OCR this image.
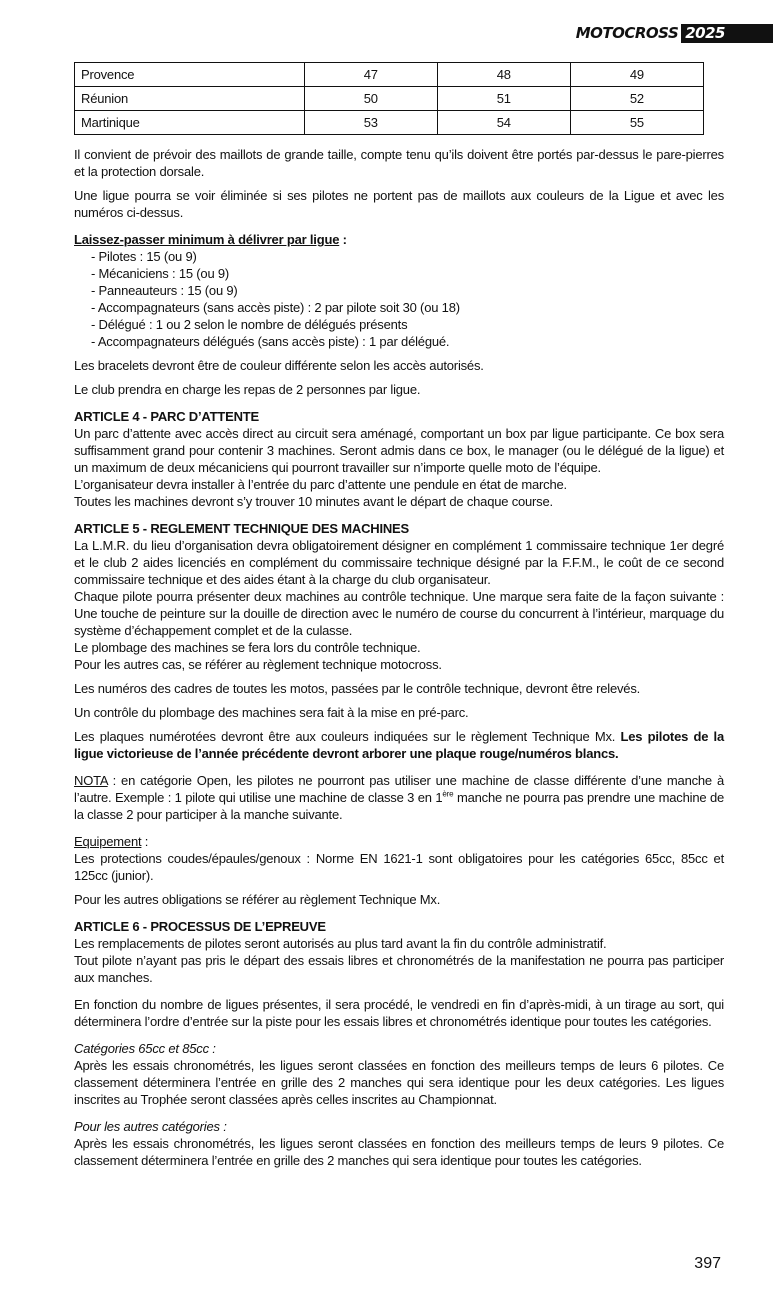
MOTOCROSS 2025
Provence	47	48	49
Réunion	50	51	52
Martinique	53	54	55

Il convient de prévoir des maillots de grande taille, compte tenu qu’ils doivent être portés par-dessus le pare-pierres et la protection dorsale.

Une ligue pourra se voir éliminée si ses pilotes ne portent pas de maillots aux couleurs de la Ligue et avec les numéros ci-dessus.

Laissez-passer minimum à délivrer par ligue :

- Pilotes : 15 (ou 9)
- Mécaniciens : 15 (ou 9)
- Panneauteurs : 15 (ou 9)
- Accompagnateurs (sans accès piste) : 2 par pilote soit 30 (ou 18)
- Délégué : 1 ou 2 selon le nombre de délégués présents
- Accompagnateurs délégués (sans accès piste) : 1 par délégué.

Les bracelets devront être de couleur différente selon les accès autorisés.

Le club prendra en charge les repas de 2 personnes par ligue.

ARTICLE 4 - PARC D’ATTENTE

Un parc d’attente avec accès direct au circuit sera aménagé, comportant un box par ligue participante. Ce box sera suffisamment grand pour contenir 3 machines. Seront admis dans ce box, le manager (ou le délégué de la ligue) et un maximum de deux mécaniciens qui pourront travailler sur n’importe quelle moto de l’équipe.

L’organisateur devra installer à l’entrée du parc d’attente une pendule en état de marche.

Toutes les machines devront s’y trouver 10 minutes avant le départ de chaque course.

ARTICLE 5 - REGLEMENT TECHNIQUE DES MACHINES

La L.M.R. du lieu d’organisation devra obligatoirement désigner en complément 1 commissaire technique 1er degré et le club 2 aides licenciés en complément du commissaire technique désigné par la F.F.M., le coût de ce second commissaire technique et des aides étant à la charge du club organisateur.

Chaque pilote pourra présenter deux machines au contrôle technique. Une marque sera faite de la façon suivante : Une touche de peinture sur la douille de direction avec le numéro de course du concurrent à l’intérieur, marquage du système d’échappement complet et de la culasse.

Le plombage des machines se fera lors du contrôle technique.

Pour les autres cas, se référer au règlement technique motocross.

Les numéros des cadres de toutes les motos, passées par le contrôle technique, devront être relevés.

Un contrôle du plombage des machines sera fait à la mise en pré-parc.

Les plaques numérotées devront être aux couleurs indiquées sur le règlement Technique Mx. Les pilotes de la ligue victorieuse de l’année précédente devront arborer une plaque rouge/numéros blancs.

NOTA : en catégorie Open, les pilotes ne pourront pas utiliser une machine de classe différente d’une manche à l’autre. Exemple : 1 pilote qui utilise une machine de classe 3 en 1ère manche ne pourra pas prendre une machine de la classe 2 pour participer à la manche suivante.

Equipement :

Les protections coudes/épaules/genoux : Norme EN 1621-1 sont obligatoires pour les catégories 65cc, 85cc et 125cc (junior).

Pour les autres obligations se référer au règlement Technique Mx.

ARTICLE 6 - PROCESSUS DE L’EPREUVE

Les remplacements de pilotes seront autorisés au plus tard avant la fin du contrôle administratif.

Tout pilote n’ayant pas pris le départ des essais libres et chronométrés de la manifestation ne pourra pas participer aux manches.

En fonction du nombre de ligues présentes, il sera procédé, le vendredi en fin d’après-midi, à un tirage au sort, qui déterminera l’ordre d’entrée sur la piste pour les essais libres et chronométrés identique pour toutes les catégories.

Catégories 65cc et 85cc :

Après les essais chronométrés, les ligues seront classées en fonction des meilleurs temps de leurs 6 pilotes. Ce classement déterminera l’entrée en grille des 2 manches qui sera identique pour les deux catégories. Les ligues inscrites au Trophée seront classées après celles inscrites au Championnat.

Pour les autres catégories :

Après les essais chronométrés, les ligues seront classées en fonction des meilleurs temps de leurs 9 pilotes. Ce classement déterminera l’entrée en grille des 2 manches qui sera identique pour toutes les catégories.

397
